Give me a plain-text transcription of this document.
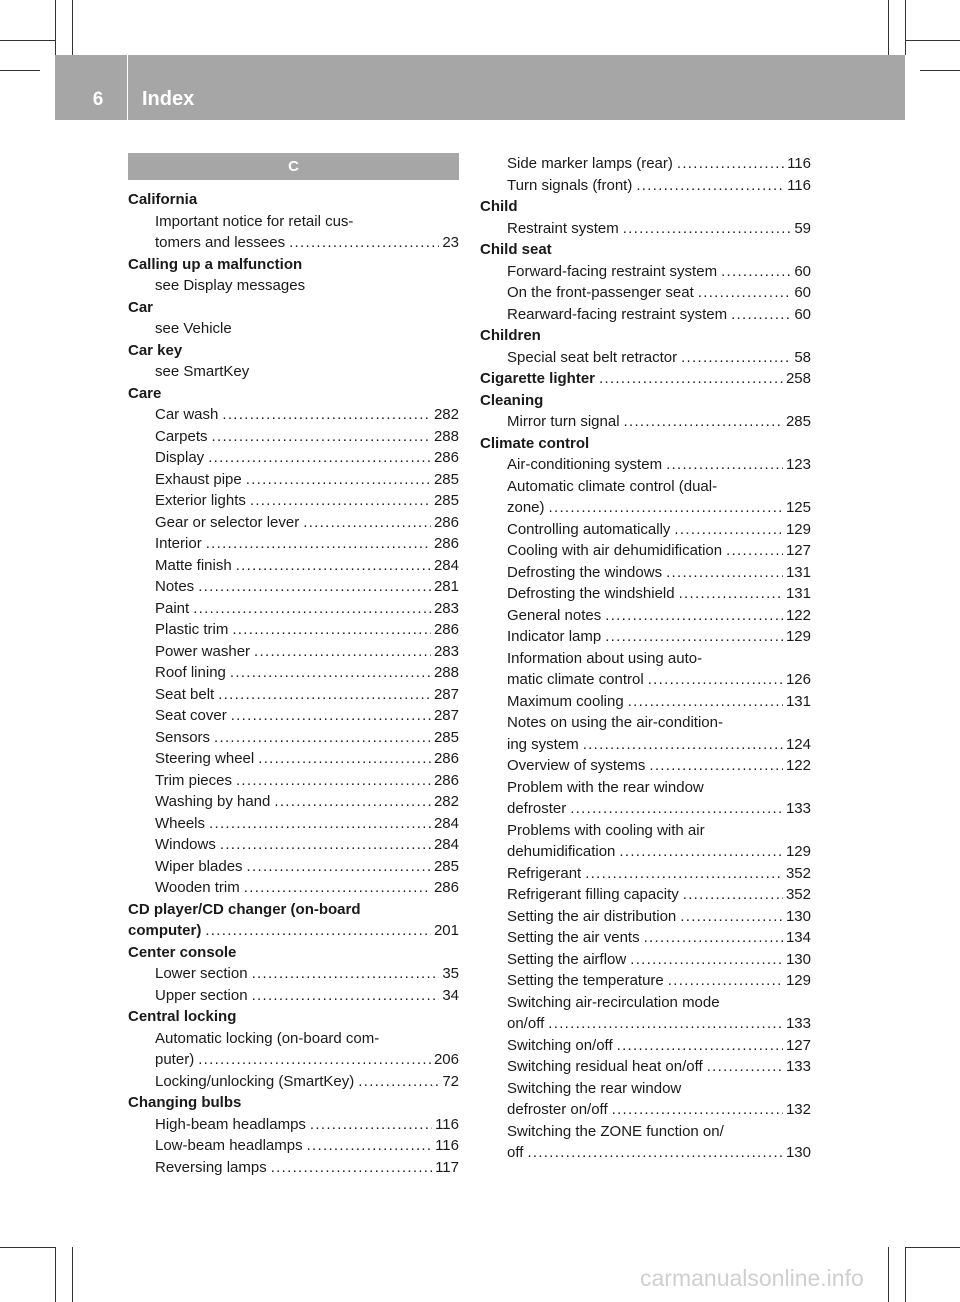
6	Index
C
California
Important notice for retail cus-
tomers and lessees .....	23
Calling up a malfunction
see Display messages
Car
see Vehicle
Car key
see SmartKey
Care
Car wash .....	282
Carpets .....	288
Display .....	286
Exhaust pipe .....	285
Exterior lights .....	285
Gear or selector lever .....	286
Interior .....	286
Matte finish .....	284
Notes .....	281
Paint .....	283
Plastic trim .....	286
Power washer .....	283
Roof lining .....	288
Seat belt .....	287
Seat cover .....	287
Sensors .....	285
Steering wheel .....	286
Trim pieces .....	286
Washing by hand .....	282
Wheels .....	284
Windows .....	284
Wiper blades .....	285
Wooden trim .....	286
CD player/CD changer (on-board
computer) .....	201
Center console
Lower section .....	35
Upper section .....	34
Central locking
Automatic locking (on-board com-
puter) .....	206
Locking/unlocking (SmartKey) .....	72
Changing bulbs
High-beam headlamps .....	116
Low-beam headlamps .....	116
Reversing lamps .....	117
Side marker lamps (rear) .....	116
Turn signals (front) .....	116
Child
Restraint system .....	59
Child seat
Forward-facing restraint system .....	60
On the front-passenger seat .....	60
Rearward-facing restraint system .....	60
Children
Special seat belt retractor .....	58
Cigarette lighter .....	258
Cleaning
Mirror turn signal .....	285
Climate control
Air-conditioning system .....	123
Automatic climate control (dual-
zone) .....	125
Controlling automatically .....	129
Cooling with air dehumidification .....	127
Defrosting the windows .....	131
Defrosting the windshield .....	131
General notes .....	122
Indicator lamp .....	129
Information about using auto-
matic climate control .....	126
Maximum cooling .....	131
Notes on using the air-condition-
ing system .....	124
Overview of systems .....	122
Problem with the rear window
defroster .....	133
Problems with cooling with air
dehumidification .....	129
Refrigerant .....	352
Refrigerant filling capacity .....	352
Setting the air distribution .....	130
Setting the air vents .....	134
Setting the airflow .....	130
Setting the temperature .....	129
Switching air-recirculation mode
on/off .....	133
Switching on/off .....	127
Switching residual heat on/off .....	133
Switching the rear window
defroster on/off .....	132
Switching the ZONE function on/
off .....	130
carmanualsonline.info
